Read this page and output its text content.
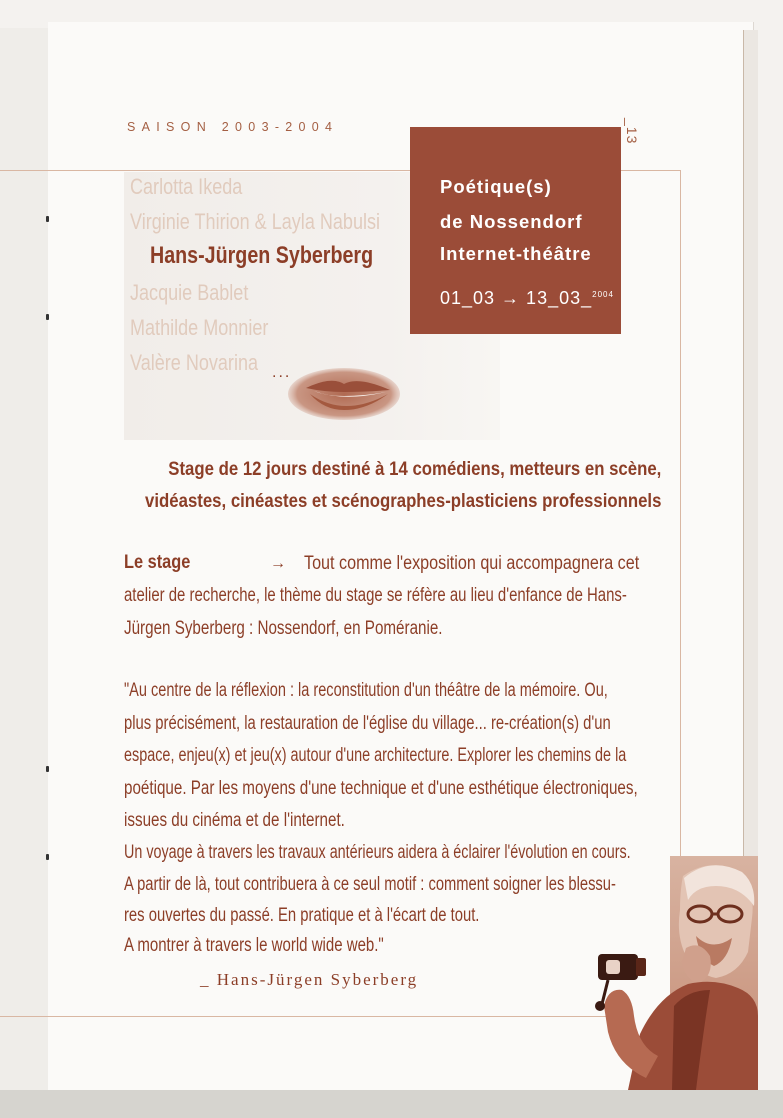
SAISON 2003-2004	_13
Carlotta Ikeda
Virginie Thirion & Layla Nabulsi
Hans-Jürgen Syberberg
Jacquie Bablet
Mathilde Monnier
Valère Novarina ...
Poétique(s)
de Nossendorf
Internet-théâtre
01_03 → 13_03_$^{2004}$
Stage de 12 jours destiné à 14 comédiens, metteurs en scène,
vidéastes, cinéastes et scénographes-plasticiens professionnels
Le stage	→ Tout comme l'exposition qui accompagnera cet
atelier de recherche, le thème du stage se réfère au lieu d'enfance de Hans-
Jürgen Syberberg : Nossendorf, en Poméranie.
"Au centre de la réflexion : la reconstitution d'un théâtre de la mémoire. Ou,
plus précisément, la restauration de l'église du village... re-création(s) d'un
espace, enjeu(x) et jeu(x) autour d'une architecture. Explorer les chemins de la
poétique. Par les moyens d'une technique et d'une esthétique électroniques,
issues du cinéma et de l'internet.
Un voyage à travers les travaux antérieurs aidera à éclairer l'évolution en cours.
A partir de là, tout contribuera à ce seul motif : comment soigner les blessu-
res ouvertes du passé. En pratique et à l'écart de tout.
A montrer à travers le world wide web."
_ Hans-Jürgen Syberberg
